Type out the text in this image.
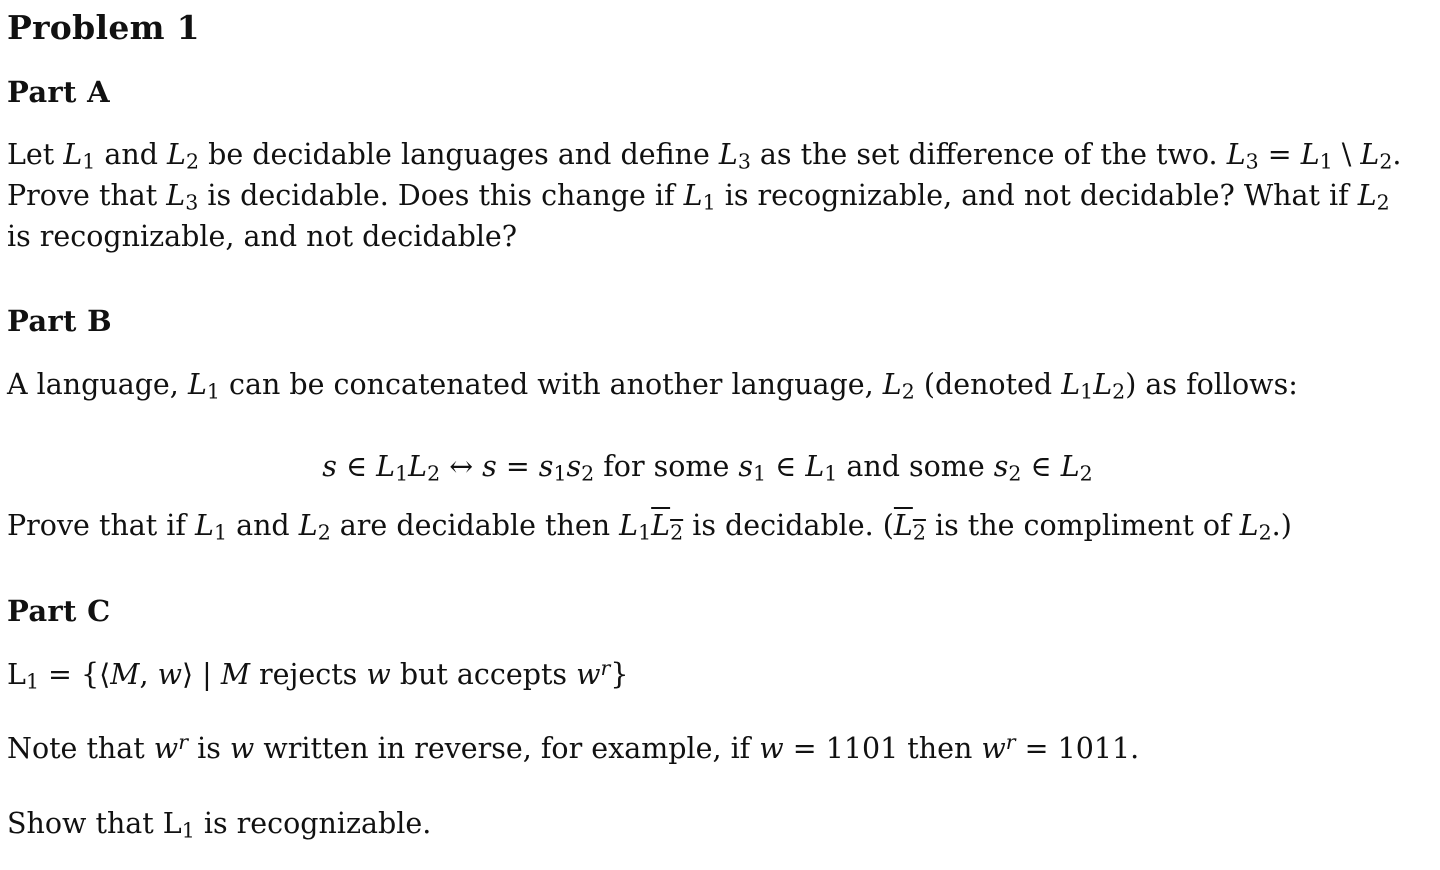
Problem 1
Part A
Let $L_1$ and $L_2$ be decidable languages and define $L_3$ as the set difference of the two. $L_3 = L_1$ \ $L_2$.
Prove that $L_3$ is decidable. Does this change if $L_1$ is recognizable, and not decidable? What if $L_2$
is recognizable, and not decidable?
Part B
A language, $L_1$ can be concatenated with another language, $L_2$ (denoted $L_1L_2$) as follows:
s ∈ $L_1L_2$ ↔ $s = s_1s_2$ for some $s_1$ ∈ $L_1$ and some $s_2$ ∈ $L_2$
Prove that if $L_1$ and $L_2$ are decidable then $L_1L_2$ is decidable. ($L_2$ is the compliment of $L_2$.)
Part C
$L_1$ = {⟨M, w⟩ | M rejects w but accepts $w^r$}
Note that $w^r$ is w written in reverse, for example, if w = 1101 then $w^r = 1011$.
Show that $L_1$ is recognizable.
